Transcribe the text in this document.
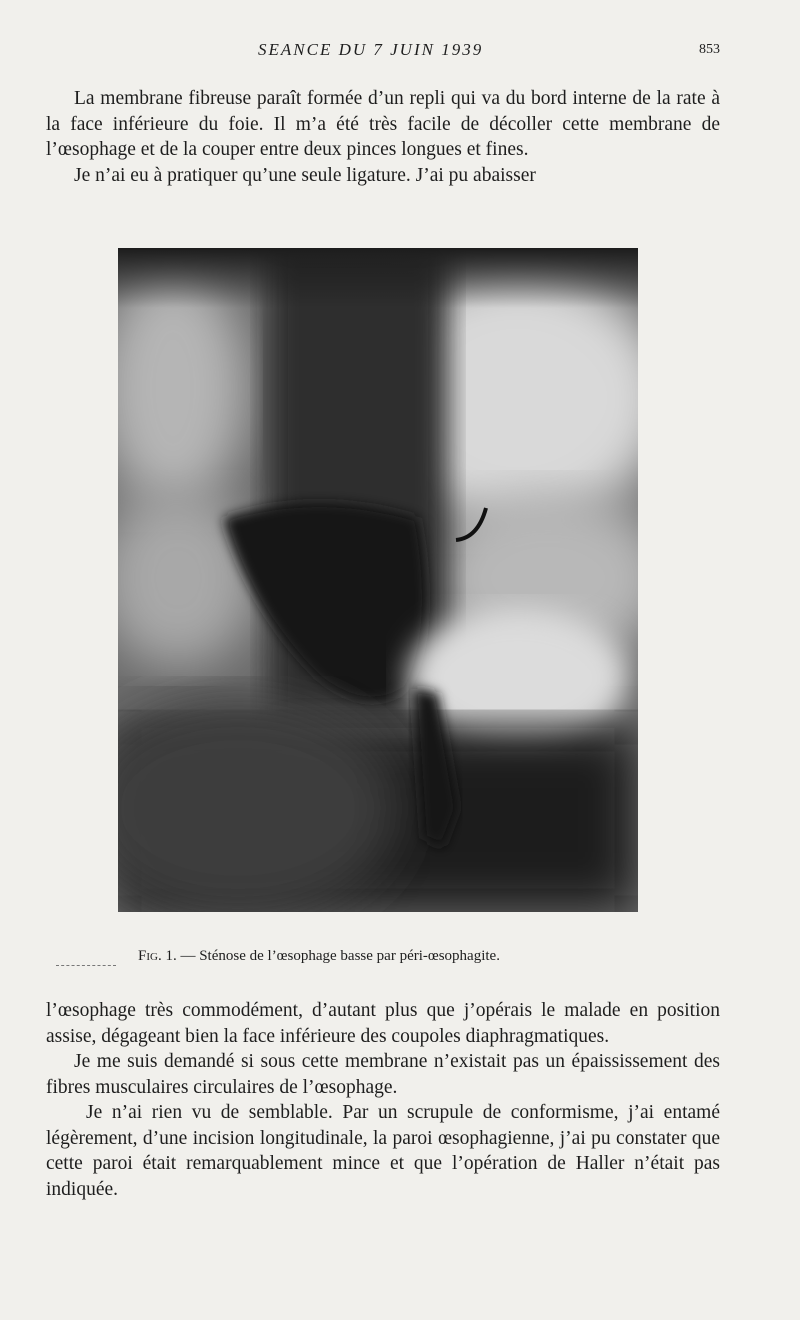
SEANCE DU 7 JUIN 1939	853

La membrane fibreuse paraît formée d’un repli qui va du bord interne de la rate à la face inférieure du foie. Il m’a été très facile de décoller cette membrane de l’œsophage et de la couper entre deux pinces longues et fines.

Je n’ai eu à pratiquer qu’une seule ligature. J’ai pu abaisser

Fig. 1. — Sténose de l’œsophage basse par péri-œsophagite.

l’œsophage très commodément, d’autant plus que j’opérais le malade en position assise, dégageant bien la face inférieure des coupoles diaphragmatiques.

Je me suis demandé si sous cette membrane n’existait pas un épaississement des fibres musculaires circulaires de l’œsophage.

Je n’ai rien vu de semblable. Par un scrupule de conformisme, j’ai entamé légèrement, d’une incision longitudinale, la paroi œsophagienne, j’ai pu constater que cette paroi était remarquablement mince et que l’opération de Haller n’était pas indiquée.
